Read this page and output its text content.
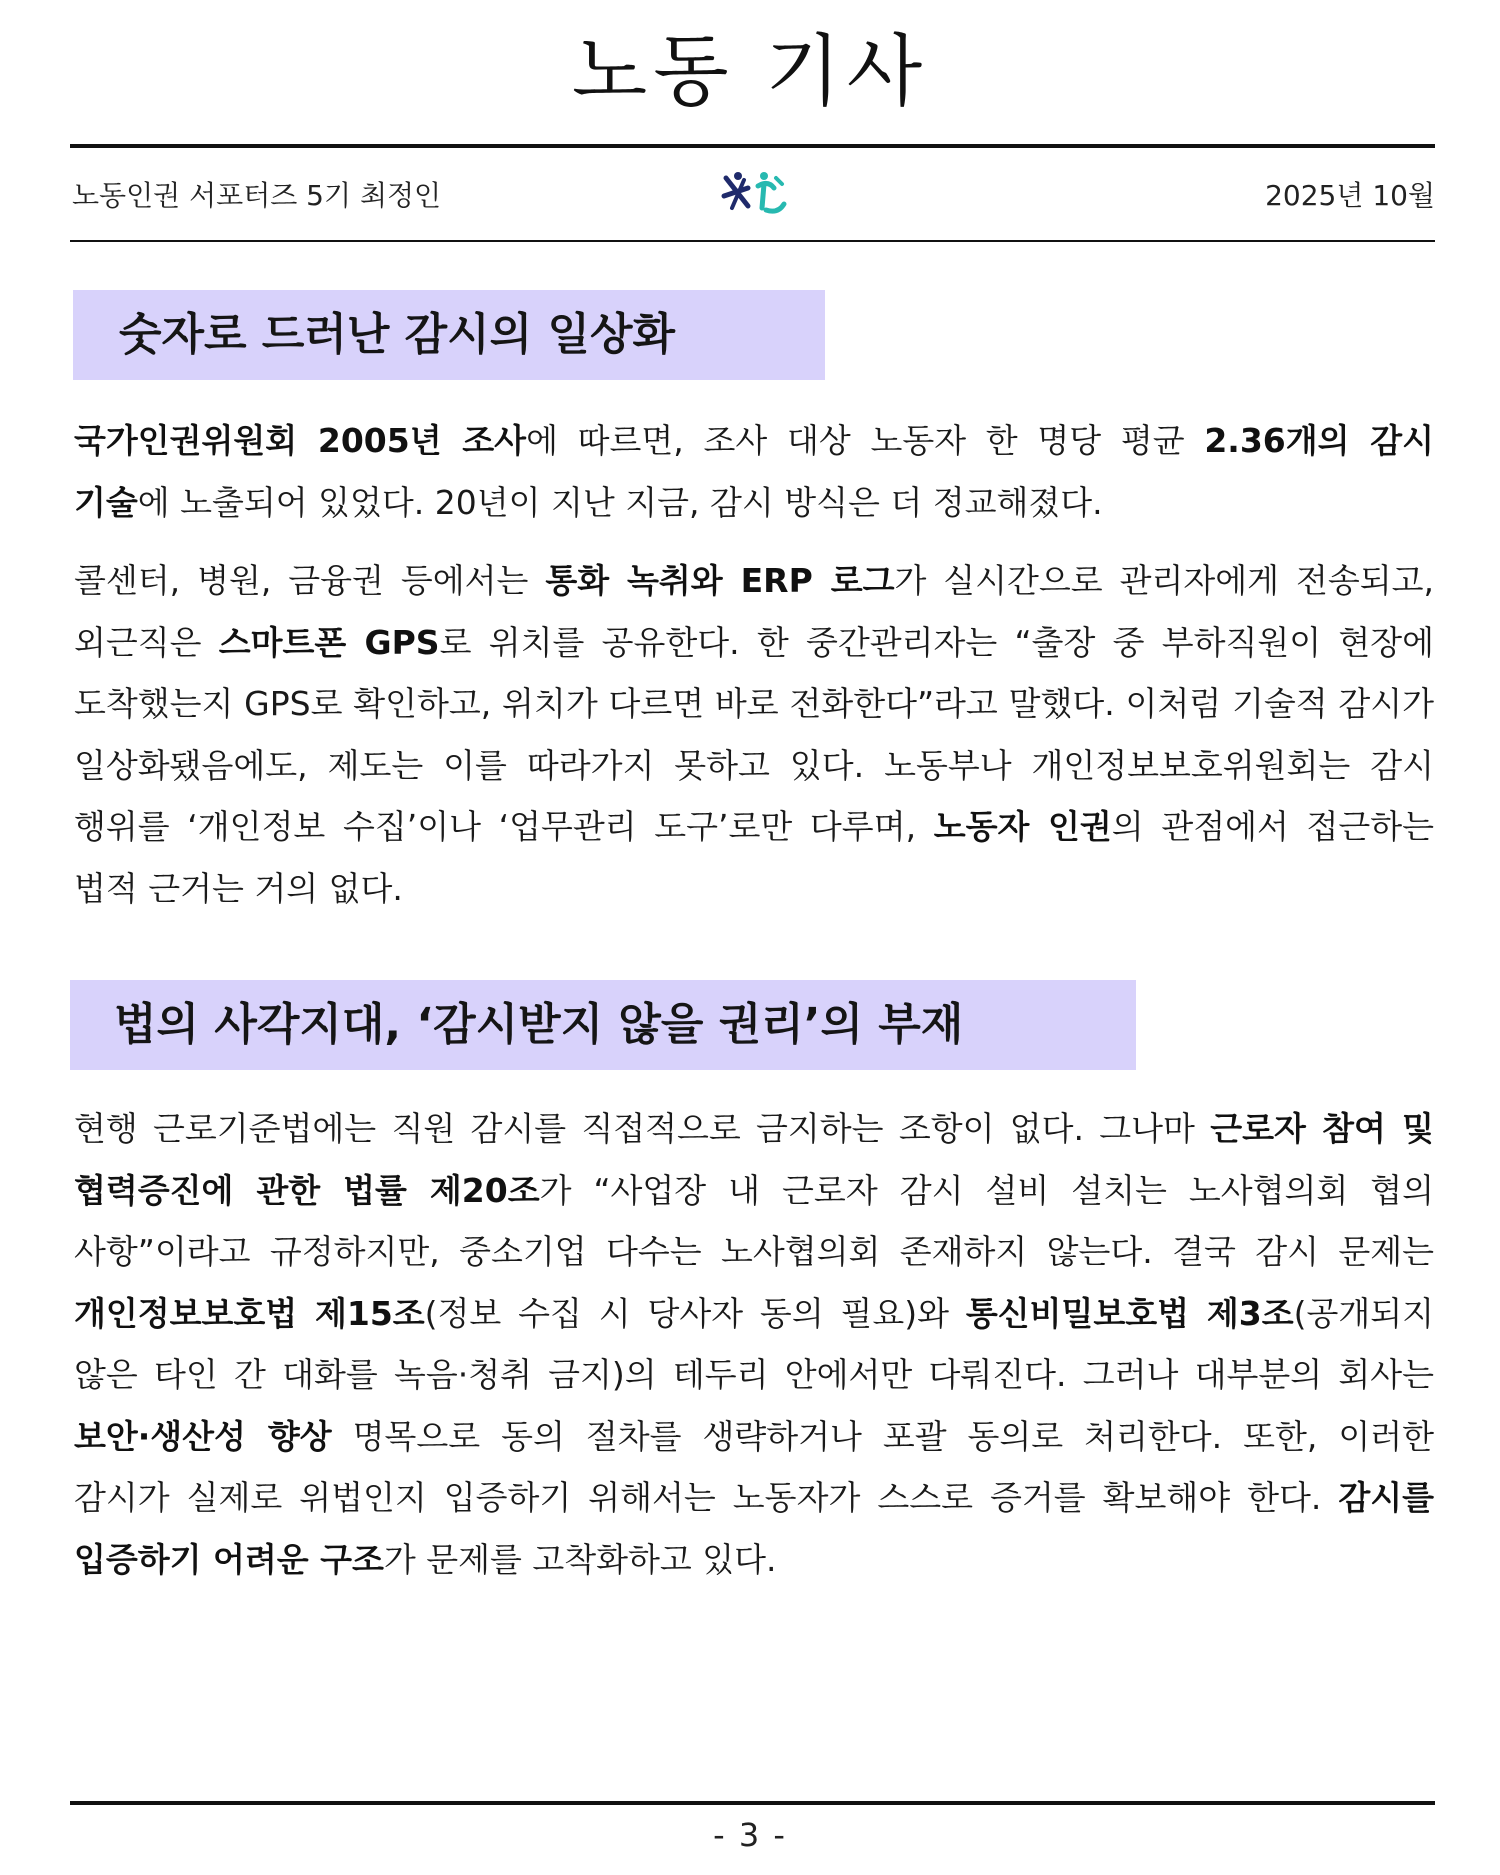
노동 기사
노동인권 서포터즈 5기 최정인	2025년 10월
숫자로 드러난 감시의 일상화

국가인권위원회 2005년 조사에 따르면, 조사 대상 노동자 한 명당 평균 2.36개의 감시 기술에 노출되어 있었다. 20년이 지난 지금, 감시 방식은 더 정교해졌다.

콜센터, 병원, 금융권 등에서는 통화 녹취와 ERP 로그가 실시간으로 관리자에게 전송되고, 외근직은 스마트폰 GPS로 위치를 공유한다. 한 중간관리자는 “출장 중 부하직원이 현장에 도착했는지 GPS로 확인하고, 위치가 다르면 바로 전화한다”라고 말했다. 이처럼 기술적 감시가 일상화됐음에도, 제도는 이를 따라가지 못하고 있다. 노동부나 개인정보보호위원회는 감시 행위를 ‘개인정보 수집’이나 ‘업무관리 도구’로만 다루며, 노동자 인권의 관점에서 접근하는 법적 근거는 거의 없다.

법의 사각지대, ‘감시받지 않을 권리’의 부재

현행 근로기준법에는 직원 감시를 직접적으로 금지하는 조항이 없다. 그나마 근로자 참여 및 협력증진에 관한 법률 제20조가 “사업장 내 근로자 감시 설비 설치는 노사협의회 협의 사항”이라고 규정하지만, 중소기업 다수는 노사협의회 존재하지 않는다. 결국 감시 문제는 개인정보보호법 제15조(정보 수집 시 당사자 동의 필요)와 통신비밀보호법 제3조(공개되지 않은 타인 간 대화를 녹음·청취 금지)의 테두리 안에서만 다뤄진다. 그러나 대부분의 회사는 보안·생산성 향상 명목으로 동의 절차를 생략하거나 포괄 동의로 처리한다. 또한, 이러한 감시가 실제로 위법인지 입증하기 위해서는 노동자가 스스로 증거를 확보해야 한다. 감시를 입증하기 어려운 구조가 문제를 고착화하고 있다.

- 3 -
